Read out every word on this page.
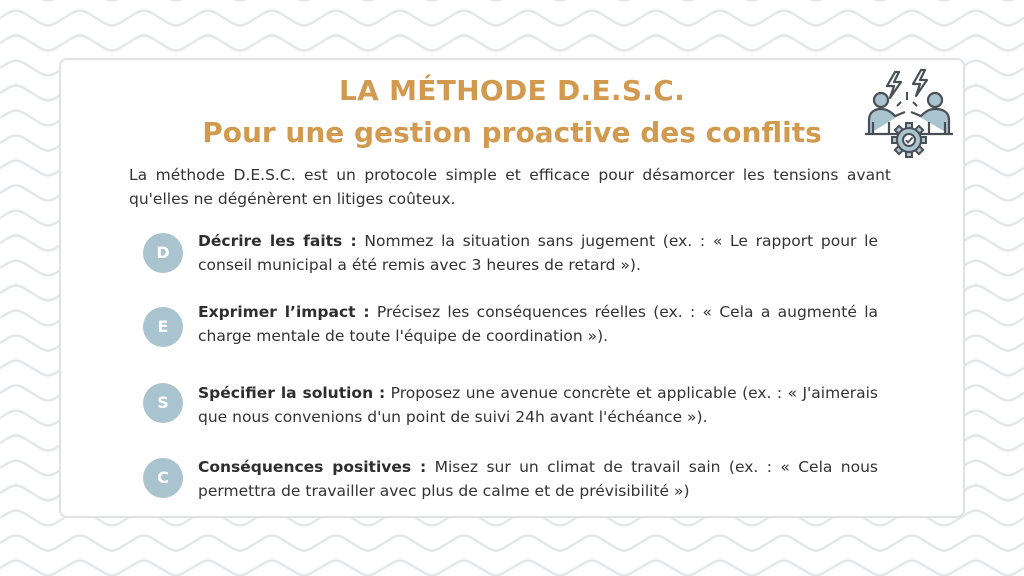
LA MÉTHODE D.E.S.C.
Pour une gestion proactive des conflits

La méthode D.E.S.C. est un protocole simple et efficace pour désamorcer les tensions avant qu'elles ne dégénèrent en litiges coûteux.

D

Décrire les faits : Nommez la situation sans jugement (ex. : « Le rapport pour le conseil municipal a été remis avec 3 heures de retard »).

E

Exprimer l’impact : Précisez les conséquences réelles (ex. : « Cela a augmenté la charge mentale de toute l'équipe de coordination »).

S	Spécifier la solution : Proposez une avenue concrète et applicable (ex. : « J'aimerais que nous convenions d'un point de suivi 24h avant l'échéance »).

C

Conséquences positives : Misez sur un climat de travail sain (ex. : « Cela nous permettra de travailler avec plus de calme et de prévisibilité »)
